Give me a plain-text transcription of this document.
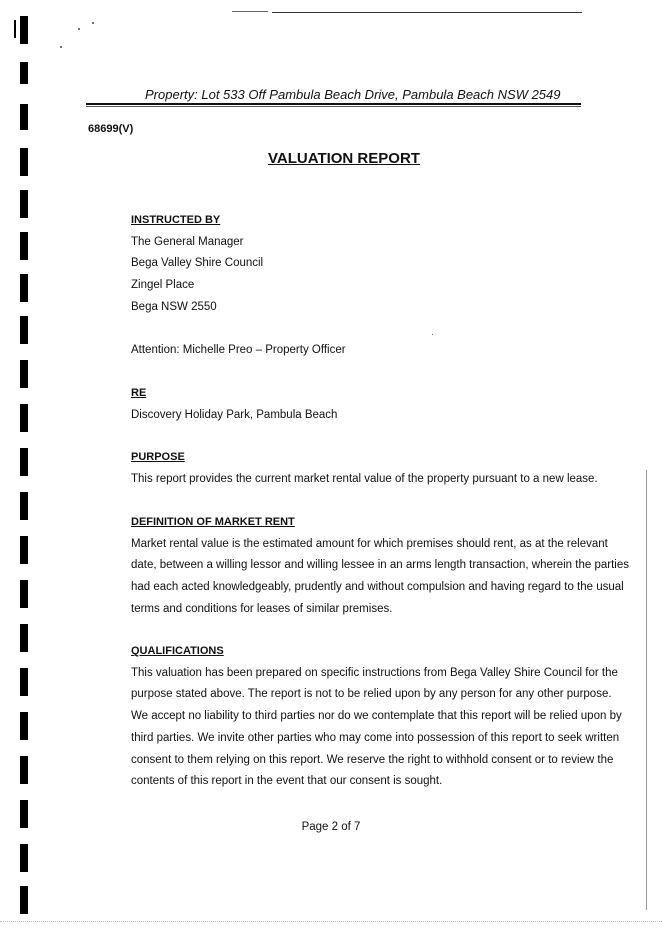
Property: Lot 533 Off Pambula Beach Drive, Pambula Beach NSW 2549
68699(V)
VALUATION REPORT
INSTRUCTED BY
The General Manager
Bega Valley Shire Council
Zingel Place
Bega NSW 2550
Attention: Michelle Preo – Property Officer
RE
Discovery Holiday Park, Pambula Beach
PURPOSE
This report provides the current market rental value of the property pursuant to a new lease.
DEFINITION OF MARKET RENT
Market rental value is the estimated amount for which premises should rent, as at the relevant
date, between a willing lessor and willing lessee in an arms length transaction, wherein the parties
had each acted knowledgeably, prudently and without compulsion and having regard to the usual
terms and conditions for leases of similar premises.
QUALIFICATIONS
This valuation has been prepared on specific instructions from Bega Valley Shire Council for the
purpose stated above. The report is not to be relied upon by any person for any other purpose.
We accept no liability to third parties nor do we contemplate that this report will be relied upon by
third parties. We invite other parties who may come into possession of this report to seek written
consent to them relying on this report. We reserve the right to withhold consent or to review the
contents of this report in the event that our consent is sought.
Page 2 of 7
